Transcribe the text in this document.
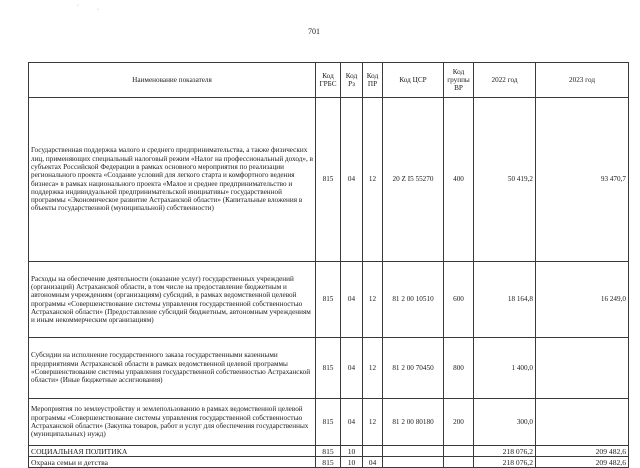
701
·
·
Наименование показателя	Код ГРБС	Код Рз	Код ПР	Код ЦСР	Код группы ВР	2022 год	2023 год
Государственная поддержка малого и среднего предпринимательства, а также физических лиц, применяющих специальный налоговый режим «Налог на профессиональный доход», в субъектах Российской Федерации в рамках основного мероприятия по реализации регионального проекта «Создание условий для легкого старта и комфортного ведения бизнеса» в рамках национального проекта «Малое и среднее предпринимательство и поддержка индивидуальной предпринимательской инициативы» государственной программы «Экономическое развитие Астраханской области» (Капитальные вложения в объекты государственной (муниципальной) собственности)	815	04	12	20 Z I5 55270	400	50 419,2	93 470,7
Расходы на обеспечение деятельности (оказание услуг) государственных учреждений (организаций) Астраханской области, в том числе на предоставление бюджетным и автономным учреждениям (организациям) субсидий, в рамках ведомственной целевой программы «Совершенствование системы управления государственной собственностью Астраханской области» (Предоставление субсидий бюджетным, автономным учреждениям и иным некоммерческим организациям)	815	04	12	81 2 00 10510	600	18 164,8	16 249,0
Субсидии на исполнение государственного заказа государственными казенными предприятиями Астраханской области в рамках ведомственной целевой программы «Совершенствование системы управления государственной собственностью Астраханской области» (Иные бюджетные ассигнования)	815	04	12	81 2 00 70450	800	1 400,0	
Мероприятия по землеустройству и землепользованию в рамках ведомственной целевой программы «Совершенствование системы управления государственной собственностью Астраханской области» (Закупка товаров, работ и услуг для обеспечения государственных (муниципальных) нужд)	815	04	12	81 2 00 80180	200	300,0	
СОЦИАЛЬНАЯ ПОЛИТИКА	815	10				218 076,2	209 482,6
Охрана семьи и детства	815	10	04			218 076,2	209 482,6
